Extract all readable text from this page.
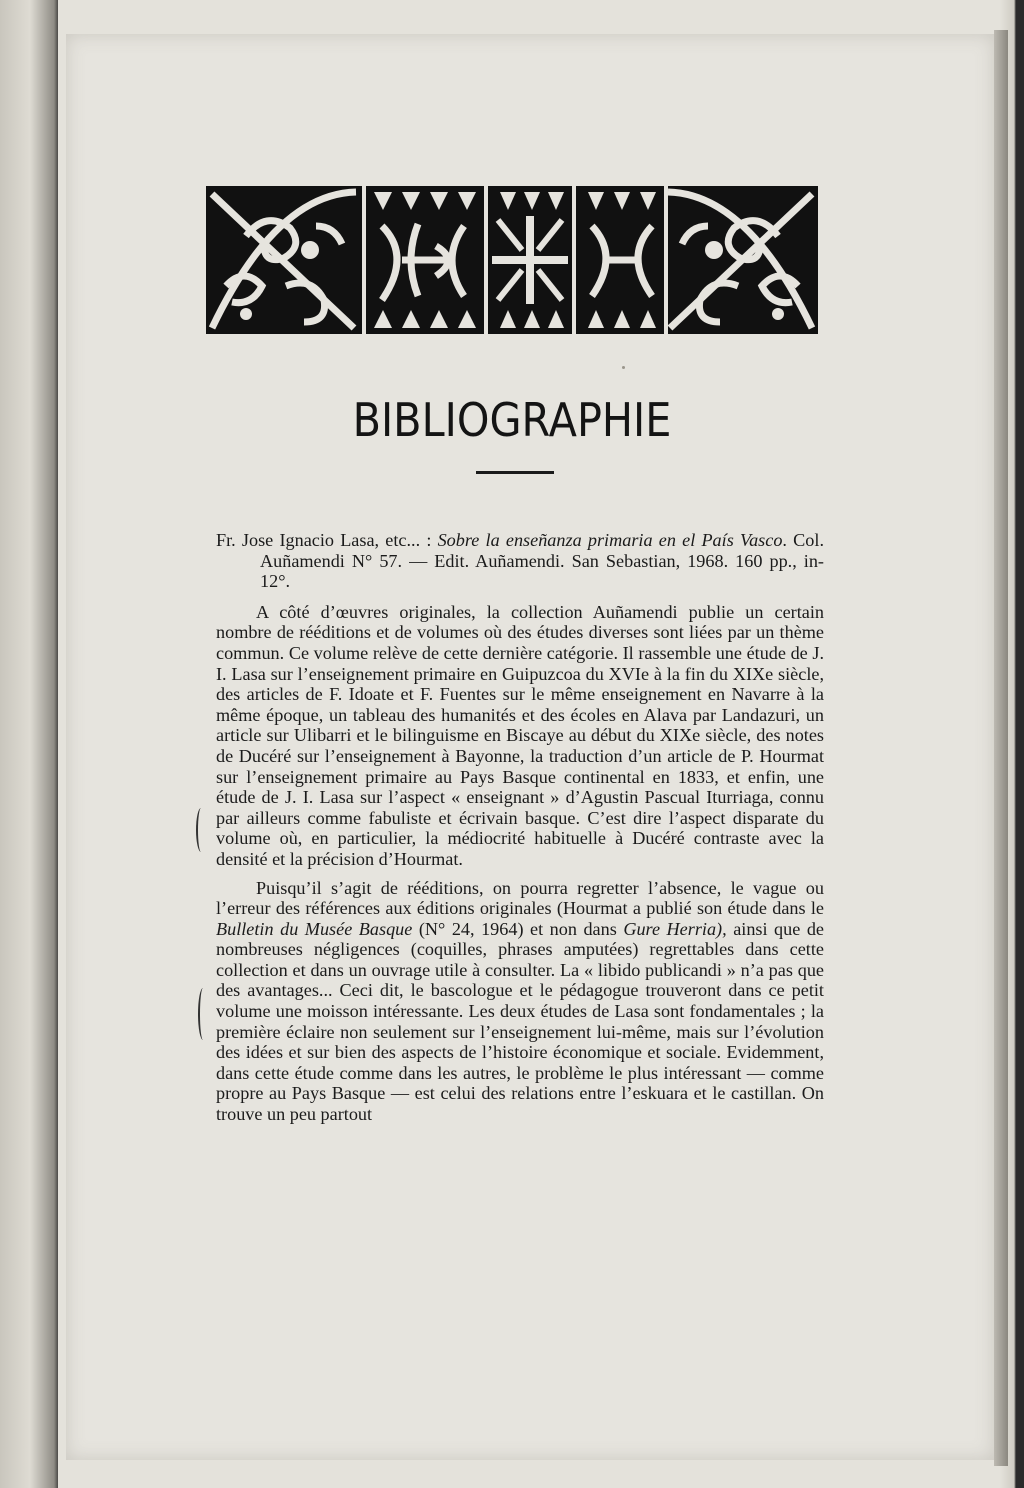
BIBLIOGRAPHIE

Fr. Jose Ignacio Lasa, etc... : Sobre la enseñanza primaria en el País Vasco. Col. Auñamendi N° 57. — Edit. Auñamendi. San Sebastian, 1968. 160 pp., in-12°.

A côté d’œuvres originales, la collection Auñamendi publie un certain nombre de rééditions et de volumes où des études diverses sont liées par un thème commun. Ce volume relève de cette dernière catégorie. Il rassemble une étude de J. I. Lasa sur l’enseignement primaire en Guipuzcoa du XVIe à la fin du XIXe siècle, des articles de F. Idoate et F. Fuentes sur le même enseignement en Navarre à la même époque, un tableau des humanités et des écoles en Alava par Landazuri, un article sur Ulibarri et le bilinguisme en Biscaye au début du XIXe siècle, des notes de Ducéré sur l’enseignement à Bayonne, la traduction d’un article de P. Hourmat sur l’enseignement primaire au Pays Basque continental en 1833, et enfin, une étude de J. I. Lasa sur l’aspect « enseignant » d’Agustin Pascual Iturriaga, connu par ailleurs comme fabuliste et écrivain basque. C’est dire l’aspect disparate du volume où, en particulier, la médiocrité habituelle à Ducéré contraste avec la densité et la précision d’Hourmat.

Puisqu’il s’agit de rééditions, on pourra regretter l’absence, le vague ou l’erreur des références aux éditions originales (Hourmat a publié son étude dans le Bulletin du Musée Basque (N° 24, 1964) et non dans Gure Herria), ainsi que de nombreuses négligences (coquilles, phrases amputées) regrettables dans cette collection et dans un ouvrage utile à consulter. La « libido publicandi » n’a pas que des avantages... Ceci dit, le bascologue et le pédagogue trouveront dans ce petit volume une moisson intéressante. Les deux études de Lasa sont fondamentales ; la première éclaire non seulement sur l’enseignement lui-même, mais sur l’évolution des idées et sur bien des aspects de l’histoire économique et sociale. Evidemment, dans cette étude comme dans les autres, le problème le plus intéressant — comme propre au Pays Basque — est celui des relations entre l’eskuara et le castillan. On trouve un peu partout
